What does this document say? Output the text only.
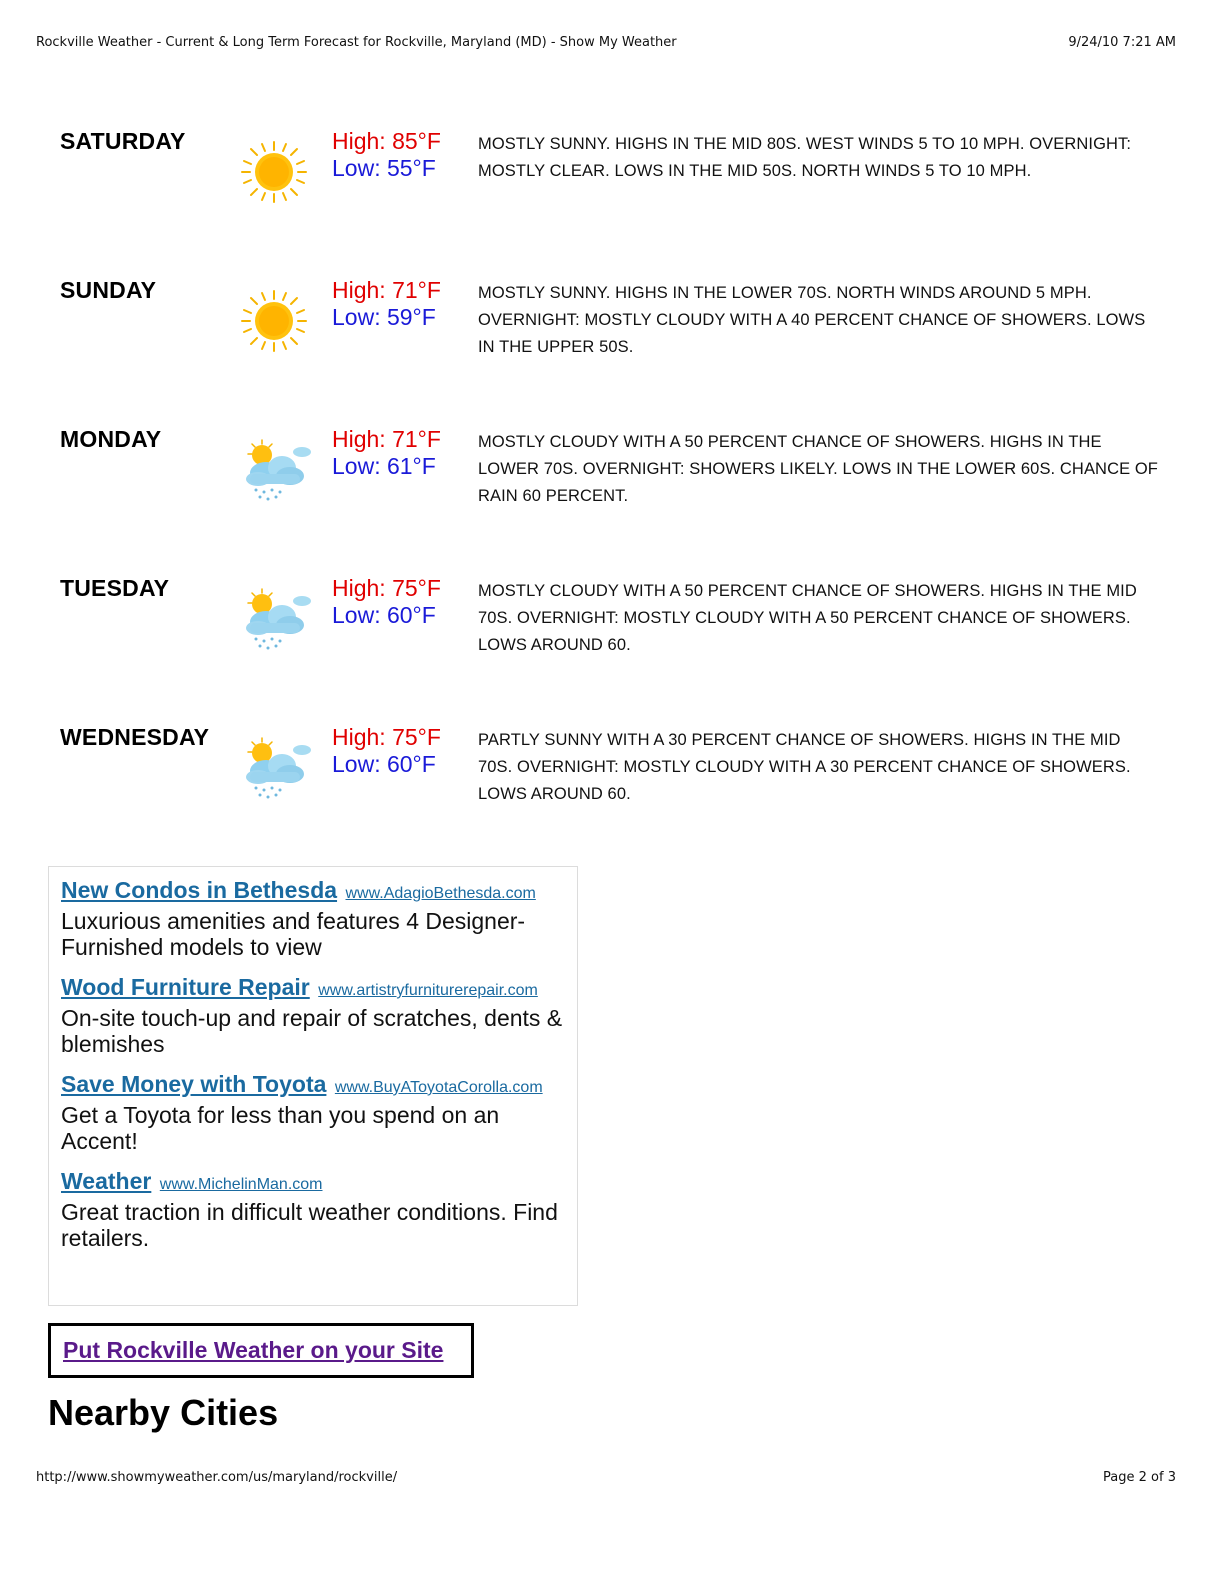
Rockville Weather - Current & Long Term Forecast for Rockville, Maryland (MD) - Show My Weather	9/24/10 7:21 AM
SATURDAY	High: 85°F
Low: 55°F
MOSTLY SUNNY. HIGHS IN THE MID 80S. WEST WINDS 5 TO 10 MPH. OVERNIGHT: MOSTLY CLEAR. LOWS IN THE MID 50S. NORTH WINDS 5 TO 10 MPH.
SUNDAY	High: 71°F
Low: 59°F
MOSTLY SUNNY. HIGHS IN THE LOWER 70S. NORTH WINDS AROUND 5 MPH. OVERNIGHT: MOSTLY CLOUDY WITH A 40 PERCENT CHANCE OF SHOWERS. LOWS IN THE UPPER 50S.
MONDAY	High: 71°F
Low: 61°F
MOSTLY CLOUDY WITH A 50 PERCENT CHANCE OF SHOWERS. HIGHS IN THE LOWER 70S. OVERNIGHT: SHOWERS LIKELY. LOWS IN THE LOWER 60S. CHANCE OF RAIN 60 PERCENT.
TUESDAY	High: 75°F
Low: 60°F
MOSTLY CLOUDY WITH A 50 PERCENT CHANCE OF SHOWERS. HIGHS IN THE MID 70S. OVERNIGHT: MOSTLY CLOUDY WITH A 50 PERCENT CHANCE OF SHOWERS. LOWS AROUND 60.
WEDNESDAY	High: 75°F
Low: 60°F
PARTLY SUNNY WITH A 30 PERCENT CHANCE OF SHOWERS. HIGHS IN THE MID 70S. OVERNIGHT: MOSTLY CLOUDY WITH A 30 PERCENT CHANCE OF SHOWERS. LOWS AROUND 60.
New Condos in Bethesda www.AdagioBethesda.com
Luxurious amenities and features 4 Designer-Furnished models to view
Wood Furniture Repair www.artistryfurniturerepair.com
On-site touch-up and repair of scratches, dents & blemishes
Save Money with Toyota www.BuyAToyotaCorolla.com
Get a Toyota for less than you spend on an Accent!
Weather www.MichelinMan.com
Great traction in difficult weather conditions. Find retailers.
Put Rockville Weather on your Site
Nearby Cities
http://www.showmyweather.com/us/maryland/rockville/	Page 2 of 3
